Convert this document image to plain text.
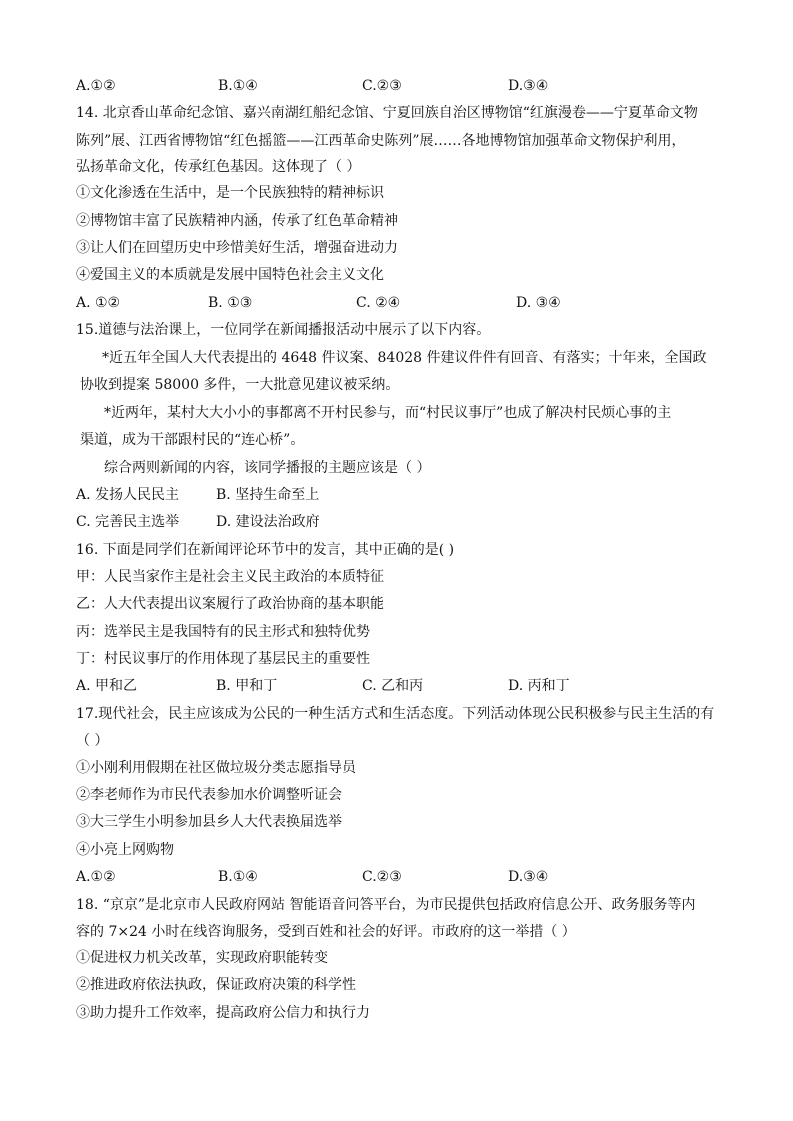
A.①②	B.①④	C.②③	D.③④
14. 北京香山革命纪念馆、嘉兴南湖红船纪念馆、宁夏回族自治区博物馆“红旗漫卷——宁夏革命文物
陈列”展、江西省博物馆“红色摇篮——江西革命史陈列”展……各地博物馆加强革命文物保护利用，
弘扬革命文化，传承红色基因。这体现了（ ）
①文化渗透在生活中，是一个民族独特的精神标识
②博物馆丰富了民族精神内涵，传承了红色革命精神
③让人们在回望历史中珍惜美好生活，增强奋进动力
④爱国主义的本质就是发展中国特色社会主义文化
A. ①②	B. ①③	C. ②④	D. ③④
15.道德与法治课上，一位同学在新闻播报活动中展示了以下内容。
*近五年全国人大代表提出的 4648 件议案、84028 件建议件件有回音、有落实；十年来，全国政
协收到提案 58000 多件，一大批意见建议被采纳。
*近两年，某村大大小小的事都离不开村民参与，而“村民议事厅”也成了解决村民烦心事的主
渠道，成为干部跟村民的“连心桥”。
综合两则新闻的内容，该同学播报的主题应该是（ ）
A. 发扬人民民主	B. 坚持生命至上
C. 完善民主选举	D. 建设法治政府
16. 下面是同学们在新闻评论环节中的发言，其中正确的是( )
甲：人民当家作主是社会主义民主政治的本质特征
乙：人大代表提出议案履行了政治协商的基本职能
丙：选举民主是我国特有的民主形式和独特优势
丁：村民议事厅的作用体现了基层民主的重要性
A. 甲和乙	B. 甲和丁	C. 乙和丙	D. 丙和丁
17.现代社会，民主应该成为公民的一种生活方式和生活态度。下列活动体现公民积极参与民主生活的有
（ ）
①小刚利用假期在社区做垃圾分类志愿指导员
②李老师作为市民代表参加水价调整听证会
③大三学生小明参加县乡人大代表换届选举
④小亮上网购物
A.①②	B.①④	C.②③	D.③④
18. “京京”是北京市人民政府网站 智能语音问答平台，为市民提供包括政府信息公开、政务服务等内
容的 7×24 小时在线咨询服务，受到百姓和社会的好评。市政府的这一举措（ ）
①促进权力机关改革，实现政府职能转变
②推进政府依法执政，保证政府决策的科学性
③助力提升工作效率，提高政府公信力和执行力
